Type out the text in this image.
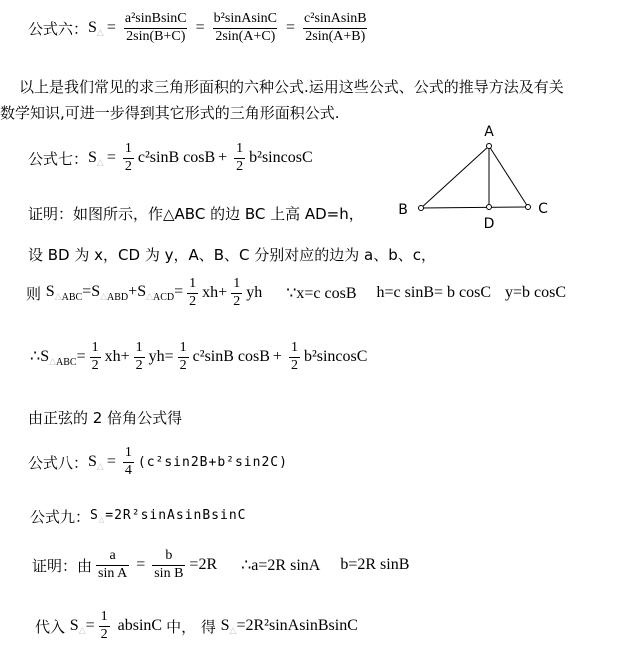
公式六： S△ = $\frac{\text{a²sinBsinC}}{2\sin(B+C)} = \frac{\text{b²sinAsinC}}{2\sin(A+C)} = \frac{\text{c²sinAsinB}}{2\sin(A+B)}$
以上是我们常见的求三角形面积的六种公式.运用这些公式、公式的推导方法及有关
数学知识,可进一步得到其它形式的三角形面积公式.
公式七： S△ = $\frac{1}{2} c^2\sin B$ $\cos B + \frac{1}{2} b^2sincosC$
A
B	C
D
证明：如图所示，作△ABC 的边 BC 上高 AD=h，
设 BD 为 x，CD 为 y，A、B、C 分别对应的边为 a、b、c，
则 $S\triangle_{ABC}=S\triangle_{ABD}+S\triangle_{ACD}= \frac{1}{2} xh+ \frac{1}{2}$ yh ∵x=c cosB h=c sinB= b cosC y=b cosC
$\therefore S\triangle_{ABC}= \frac{1}{2} xh+ \frac{1}{2} yh= \frac{1}{2} c^2\sin B$ $\cos B + \frac{1}{2} b^2sincosC$
由正弦的 2 倍角公式得
公式八： S△ = $\frac{1}{4} (c^2\sin 2B+b^2\sin 2C)$
公式九： $S_\triangle=2R^2sinAsinBsinC$
证明：由 $\frac{a}{\text{sin A}} = \frac{b}{\text{sin B}} =2R$ ∴a=2R sinA b=2R sinB
代入 S△= $\frac{1}{2}$ absinC 中， 得 S△=2R²sinAsinBsinC
